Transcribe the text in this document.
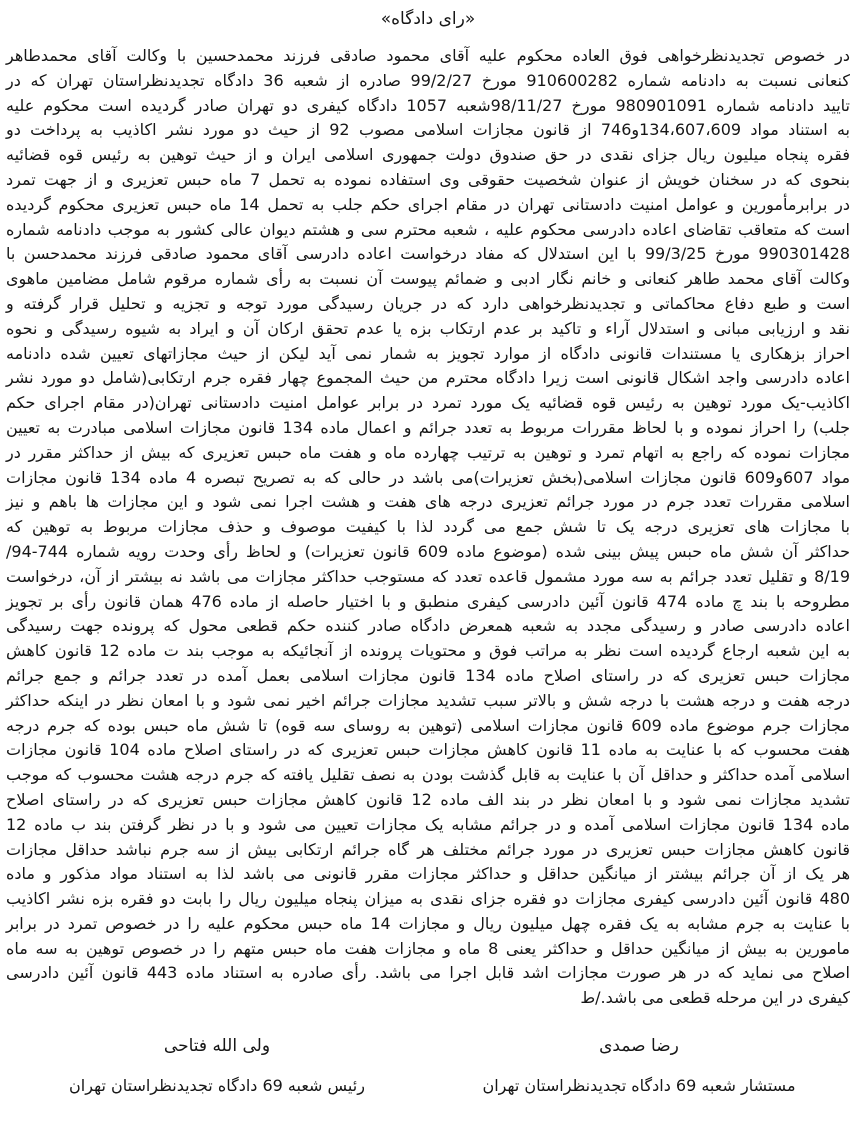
«رای دادگاه»
در خصوص تجدیدنظرخواهی فوق العاده محکوم علیه آقای محمود صادقی فرزند محمدحسین با وکالت آقای محمدطاهر
کنعانی نسبت به دادنامه شماره 910600282 مورخ 99/2/27 صادره از شعبه 36 دادگاه تجدیدنظراستان تهران که در
تایید دادنامه شماره 980901091 مورخ 98/11/27شعبه 1057 دادگاه کیفری دو تهران صادر گردیده است محکوم علیه
به استناد مواد 134،607،609و746 از قانون مجازات اسلامی مصوب 92 از حیث دو مورد نشر اکاذیب به پرداخت دو
فقره پنجاه میلیون ریال جزای نقدی در حق صندوق دولت جمهوری اسلامی ایران و از حیث توهین به رئیس قوه قضائیه
بنحوی که در سخنان خویش از عنوان شخصیت حقوقی وی استفاده نموده به تحمل 7 ماه حبس تعزیری و از جهت تمرد
در برابرمأمورین و عوامل امنیت دادستانی تهران در مقام اجرای حکم جلب به تحمل 14 ماه حبس تعزیری محکوم گردیده
است که متعاقب تقاضای اعاده دادرسی محکوم علیه ، شعبه محترم سی و هشتم دیوان عالی کشور به موجب دادنامه شماره
990301428 مورخ 99/3/25 با این استدلال که مفاد درخواست اعاده دادرسی آقای محمود صادقی فرزند محمدحسن با
وکالت آقای محمد طاهر کنعانی و خانم نگار ادبی و ضمائم پیوست آن نسبت به رأی شماره مرقوم شامل مضامین ماهوی
است و طبع دفاع محاکماتی و تجدیدنظرخواهی دارد که در جریان رسیدگی مورد توجه و تجزیه و تحلیل قرار گرفته و
نقد و ارزیابی مبانی و استدلال آراء و تاکید بر عدم ارتکاب بزه یا عدم تحقق ارکان آن و ایراد به شیوه رسیدگی و نحوه
احراز بزهکاری یا مستندات قانونی دادگاه از موارد تجویز به شمار نمی آید لیکن از حیث مجازاتهای تعیین شده دادنامه
اعاده دادرسی واجد اشکال قانونی است زیرا دادگاه محترم من حیث المجموع چهار فقره جرم ارتکابی(شامل دو مورد نشر
اکاذیب-یک مورد توهین به رئیس قوه قضائیه یک مورد تمرد در برابر عوامل امنیت دادستانی تهران(در مقام اجرای حکم
جلب) را احراز نموده و با لحاظ مقررات مربوط به تعدد جرائم و اعمال ماده 134 قانون مجازات اسلامی مبادرت به تعیین
مجازات نموده که راجع به اتهام تمرد و توهین به ترتیب چهارده ماه و هفت ماه حبس تعزیری که بیش از حداکثر مقرر در
مواد 607و609 قانون مجازات اسلامی(بخش تعزیرات)می باشد در حالی که به تصریح تبصره 4 ماده 134 قانون مجازات
اسلامی مقررات تعدد جرم در مورد جرائم تعزیری درجه های هفت و هشت اجرا نمی شود و این مجازات ها باهم و نیز
با مجازات های تعزیری درجه یک تا شش جمع می گردد لذا با کیفیت موصوف و حذف مجازات مربوط به توهین که
حداکثر آن شش ماه حبس پیش بینی شده (موضوع ماده 609 قانون تعزیرات) و لحاظ رأی وحدت رویه شماره 744-94/
8/19 و تقلیل تعدد جرائم به سه مورد مشمول قاعده تعدد که مستوجب حداکثر مجازات می باشد نه بیشتر از آن، درخواست
مطروحه با بند چ ماده 474 قانون آئین دادرسی کیفری منطبق و با اختیار حاصله از ماده 476 همان قانون رأی بر تجویز
اعاده دادرسی صادر و رسیدگی مجدد به شعبه همعرض دادگاه صادر کننده حکم قطعی محول که پرونده جهت رسیدگی
به این شعبه ارجاع گردیده است نظر به مراتب فوق و محتویات پرونده از آنجائیکه به موجب بند ت ماده 12 قانون کاهش
مجازات حبس تعزیری که در راستای اصلاح ماده 134 قانون مجازات اسلامی بعمل آمده در تعدد جرائم و جمع جرائم
درجه هفت و درجه هشت با درجه شش و بالاتر سبب تشدید مجازات جرائم اخیر نمی شود و با امعان نظر در اینکه حداکثر
مجازات جرم موضوع ماده 609 قانون مجازات اسلامی (توهین به روسای سه قوه) تا شش ماه حبس بوده که جرم درجه
هفت محسوب که با عنایت به ماده 11 قانون کاهش مجازات حبس تعزیری که در راستای اصلاح ماده 104 قانون مجازات
اسلامی آمده حداکثر و حداقل آن با عنایت به قابل گذشت بودن به نصف تقلیل یافته که جرم درجه هشت محسوب که موجب
تشدید مجازات نمی شود و با امعان نظر در بند الف ماده 12 قانون کاهش مجازات حبس تعزیری که در راستای اصلاح
ماده 134 قانون مجازات اسلامی آمده و در جرائم مشابه یک مجازات تعیین می شود و با در نظر گرفتن بند ب ماده 12
قانون کاهش مجازات حبس تعزیری در مورد جرائم مختلف هر گاه جرائم ارتکابی بیش از سه جرم نباشد حداقل مجازات
هر یک از آن جرائم بیشتر از میانگین حداقل و حداکثر مجازات مقرر قانونی می باشد لذا به استناد مواد مذکور و ماده
480 قانون آئین دادرسی کیفری مجازات دو فقره جزای نقدی به میزان پنجاه میلیون ریال را بابت دو فقره بزه نشر اکاذیب
با عنایت به جرم مشابه به یک فقره چهل میلیون ریال و مجازات 14 ماه حبس محکوم علیه را در خصوص تمرد در برابر
مامورین به بیش از میانگین حداقل و حداکثر یعنی 8 ماه و مجازات هفت ماه حبس متهم را در خصوص توهین به سه ماه
اصلاح می نماید که در هر صورت مجازات اشد قابل اجرا می باشد. رأی صادره به استناد ماده 443 قانون آئین دادرسی
کیفری در این مرحله قطعی می باشد./ط
رضا صمدی
مستشار شعبه 69 دادگاه تجدیدنظراستان تهران
ولی الله فتاحی
رئیس شعبه 69 دادگاه تجدیدنظراستان تهران
